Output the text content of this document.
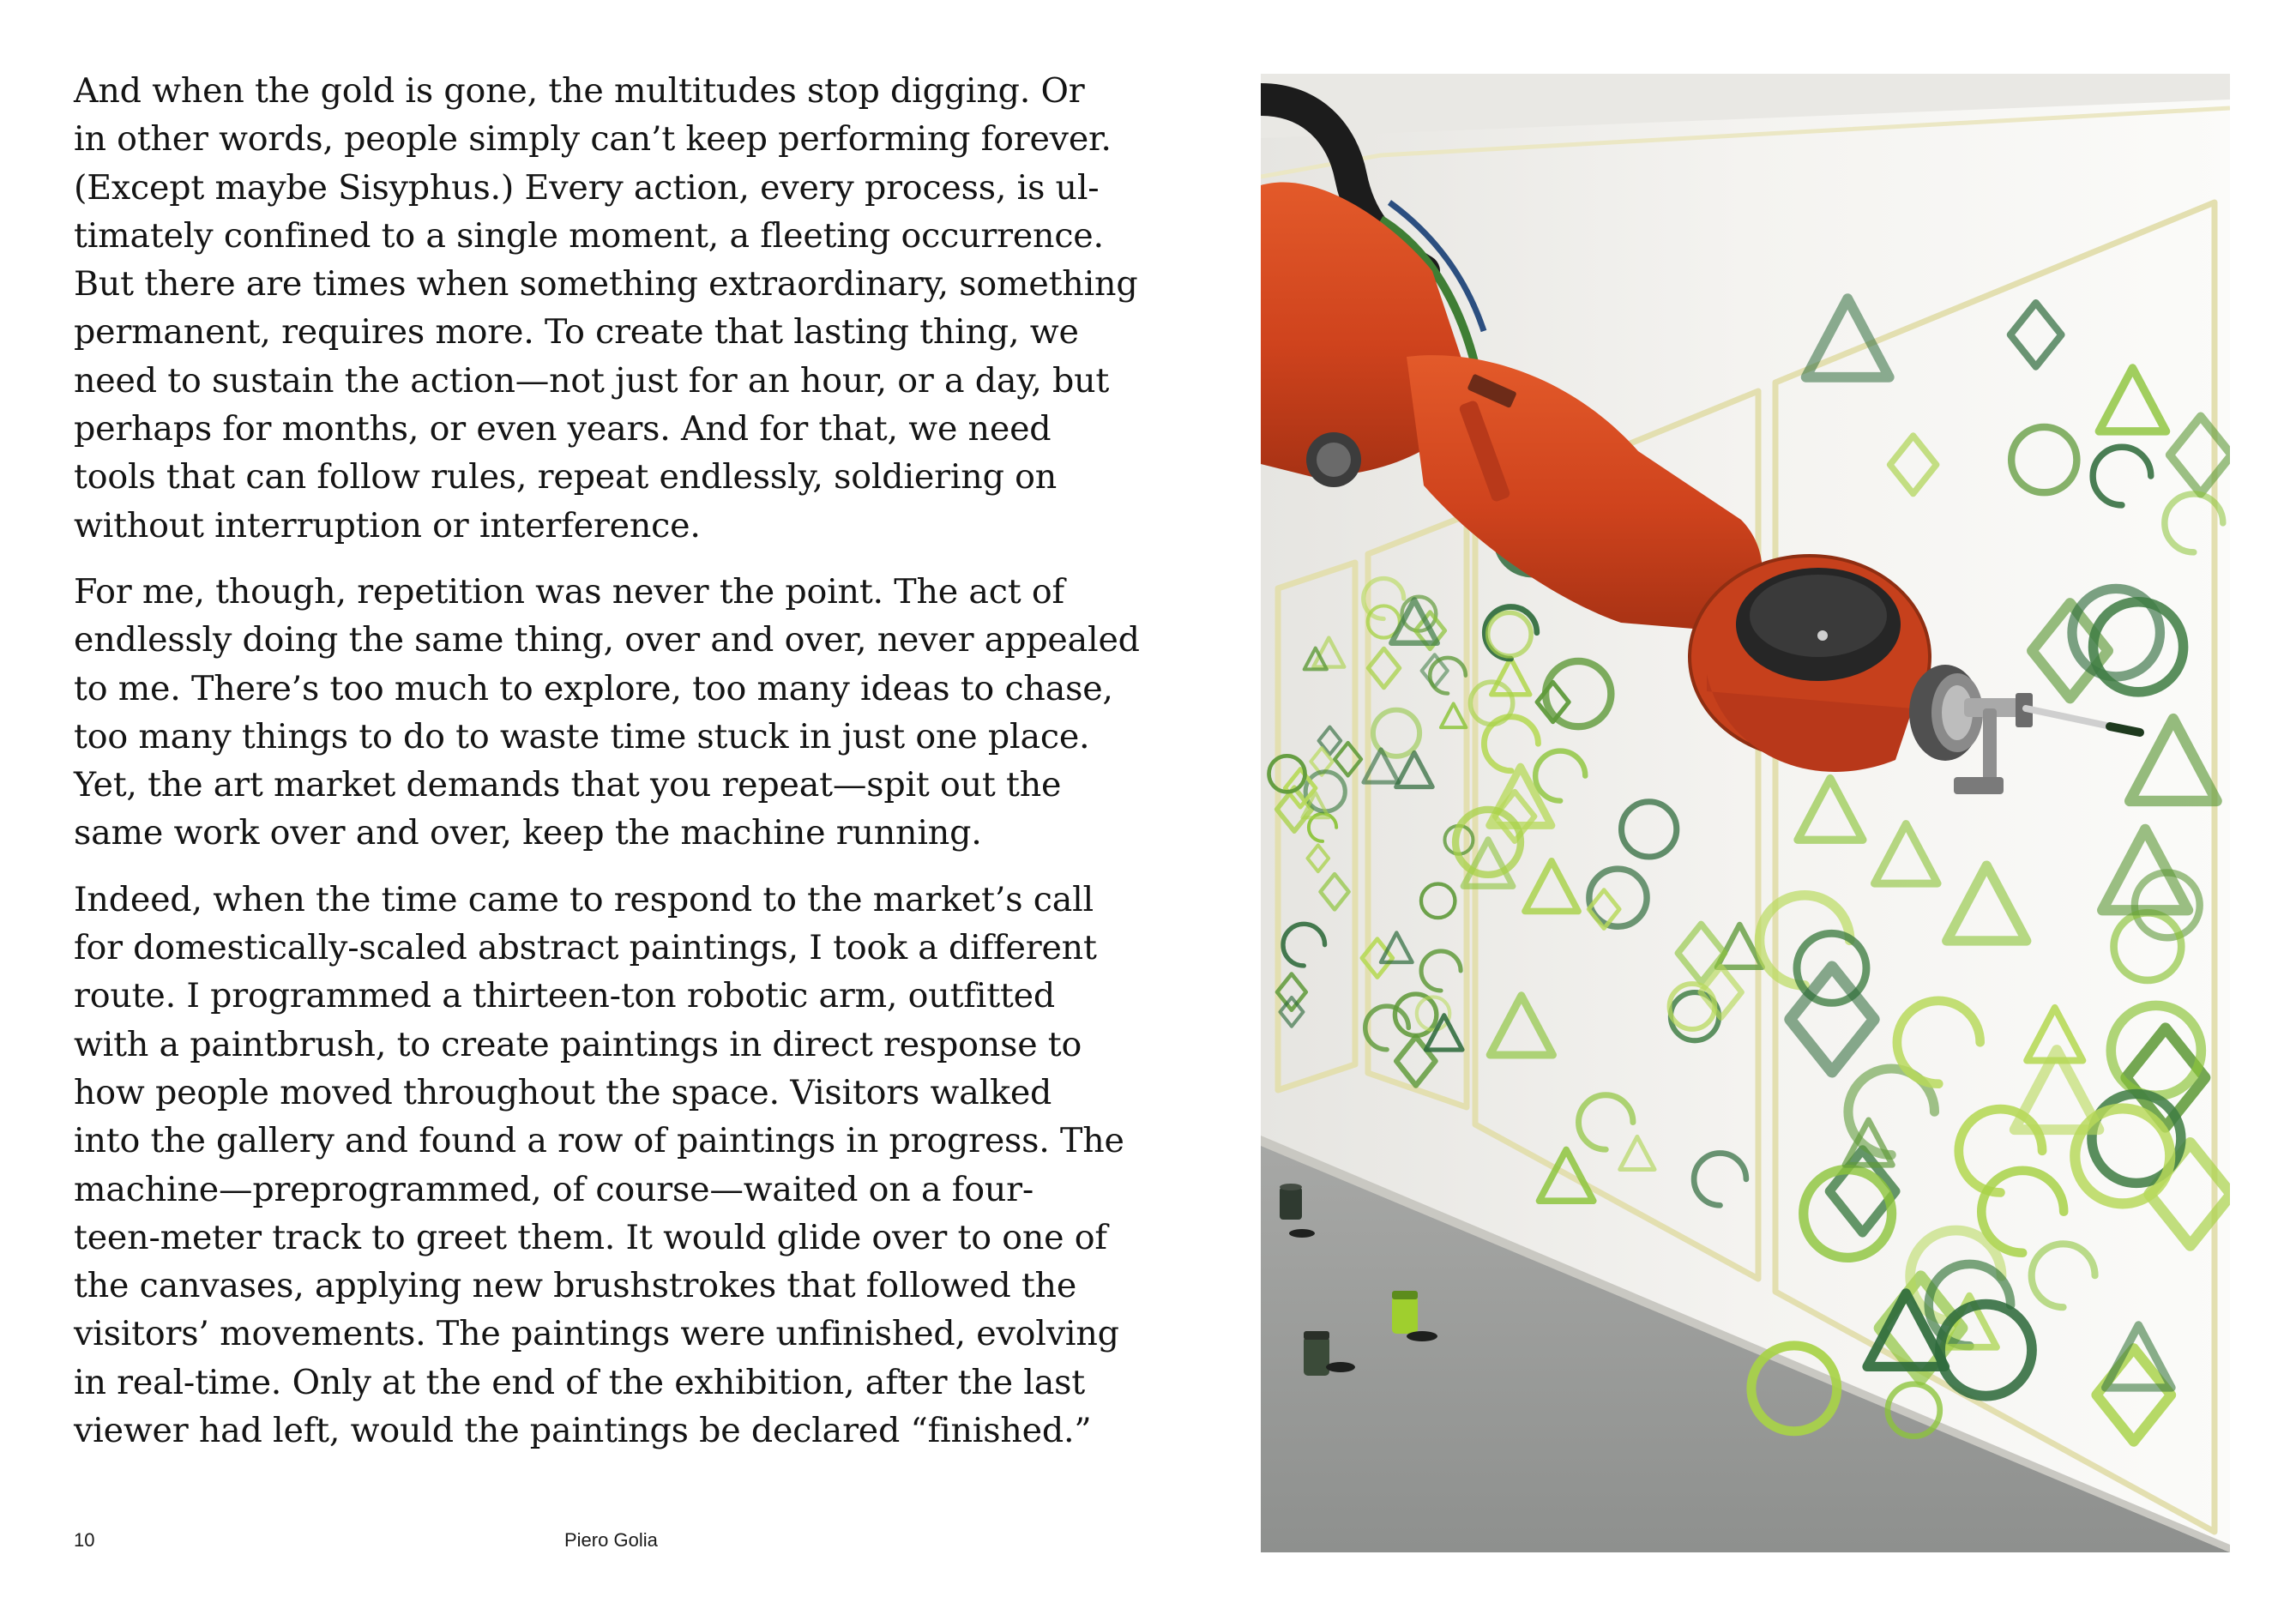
And when the gold is gone, the multitudes stop digging. Or
in other words, people simply can’t keep performing forever.
(Except maybe Sisyphus.) Every action, every process, is ul-
timately confined to a single moment, a fleeting occurrence.
But there are times when something extraordinary, something
permanent, requires more. To create that lasting thing, we
need to sustain the action—not just for an hour, or a day, but
perhaps for months, or even years. And for that, we need
tools that can follow rules, repeat endlessly, soldiering on
without interruption or interference.

For me, though, repetition was never the point. The act of
endlessly doing the same thing, over and over, never appealed
to me. There’s too much to explore, too many ideas to chase,
too many things to do to waste time stuck in just one place.
Yet, the art market demands that you repeat—spit out the
same work over and over, keep the machine running.

Indeed, when the time came to respond to the market’s call
for domestically-scaled abstract paintings, I took a different
route. I programmed a thirteen-ton robotic arm, outfitted
with a paintbrush, to create paintings in direct response to
how people moved throughout the space. Visitors walked
into the gallery and found a row of paintings in progress. The
machine—preprogrammed, of course—waited on a four-
teen-meter track to greet them. It would glide over to one of
the canvases, applying new brushstrokes that followed the
visitors’ movements. The paintings were unfinished, evolving
in real-time. Only at the end of the exhibition, after the last
viewer had left, would the paintings be declared “finished.”

10	Piero Golia
